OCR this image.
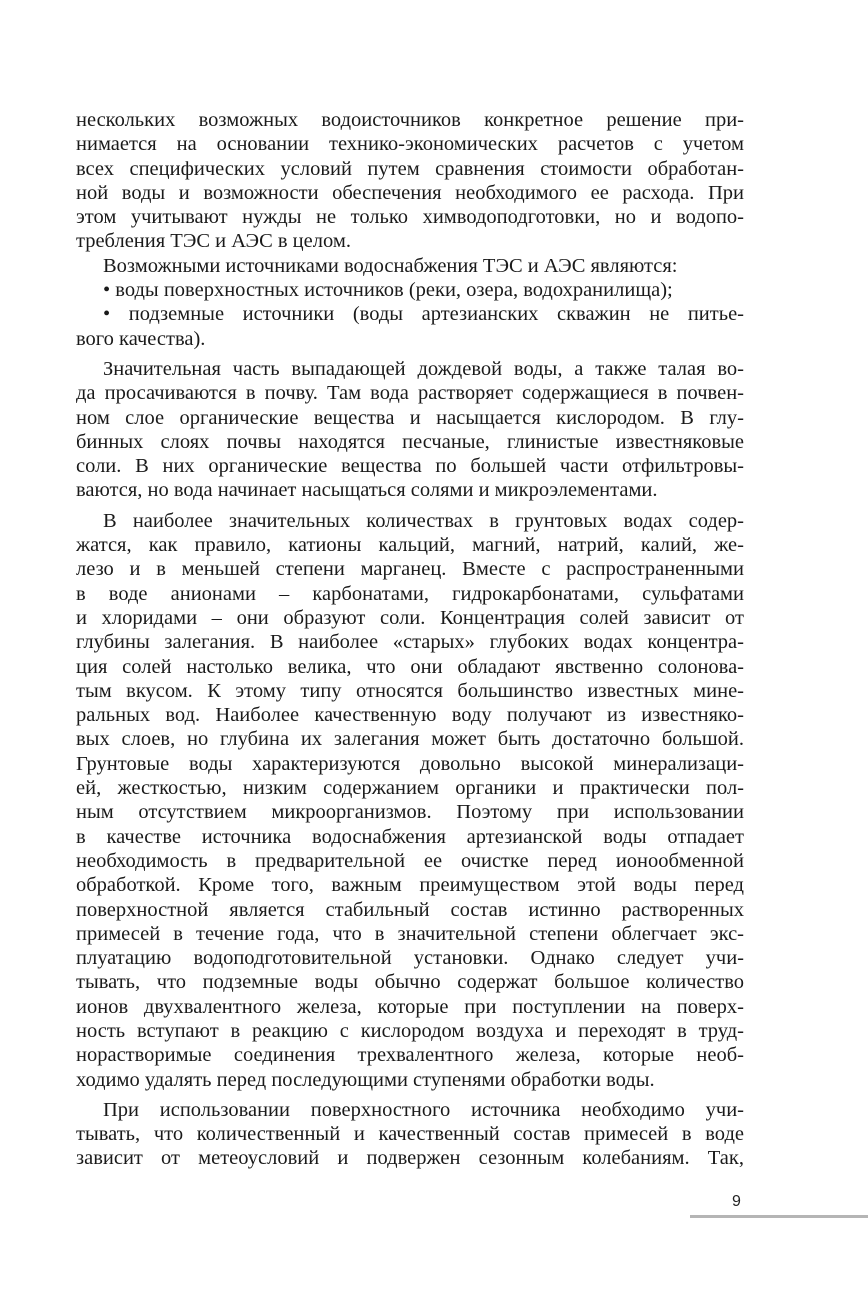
нескольких возможных водоисточников конкретное решение при-
нимается на основании технико-экономических расчетов с учетом
всех специфических условий путем сравнения стоимости обработан-
ной воды и возможности обеспечения необходимого ее расхода. При
этом учитывают нужды не только химводоподготовки, но и водопо-
требления ТЭС и АЭС в целом.
Возможными источниками водоснабжения ТЭС и АЭС являются:
• воды поверхностных источников (реки, озера, водохранилища);
• подземные источники (воды артезианских скважин не питье-
вого качества).
Значительная часть выпадающей дождевой воды, а также талая во-
да просачиваются в почву. Там вода растворяет содержащиеся в почвен-
ном слое органические вещества и насыщается кислородом. В глу-
бинных слоях почвы находятся песчаные, глинистые известняковые
соли. В них органические вещества по большей части отфильтровы-
ваются, но вода начинает насыщаться солями и микроэлементами.
В наиболее значительных количествах в грунтовых водах содер-
жатся, как правило, катионы кальций, магний, натрий, калий, же-
лезо и в меньшей степени марганец. Вместе с распространенными
в воде анионами – карбонатами, гидрокарбонатами, сульфатами
и хлоридами – они образуют соли. Концентрация солей зависит от
глубины залегания. В наиболее «старых» глубоких водах концентра-
ция солей настолько велика, что они обладают явственно солонова-
тым вкусом. К этому типу относятся большинство известных мине-
ральных вод. Наиболее качественную воду получают из известняко-
вых слоев, но глубина их залегания может быть достаточно большой.
Грунтовые воды характеризуются довольно высокой минерализаци-
ей, жесткостью, низким содержанием органики и практически пол-
ным отсутствием микроорганизмов. Поэтому при использовании
в качестве источника водоснабжения артезианской воды отпадает
необходимость в предварительной ее очистке перед ионообменной
обработкой. Кроме того, важным преимуществом этой воды перед
поверхностной является стабильный состав истинно растворенных
примесей в течение года, что в значительной степени облегчает экс-
плуатацию водоподготовительной установки. Однако следует учи-
тывать, что подземные воды обычно содержат большое количество
ионов двухвалентного железа, которые при поступлении на поверх-
ность вступают в реакцию с кислородом воздуха и переходят в труд-
норастворимые соединения трехвалентного железа, которые необ-
ходимо удалять перед последующими ступенями обработки воды.
При использовании поверхностного источника необходимо учи-
тывать, что количественный и качественный состав примесей в воде
зависит от метеоусловий и подвержен сезонным колебаниям. Так,
9
